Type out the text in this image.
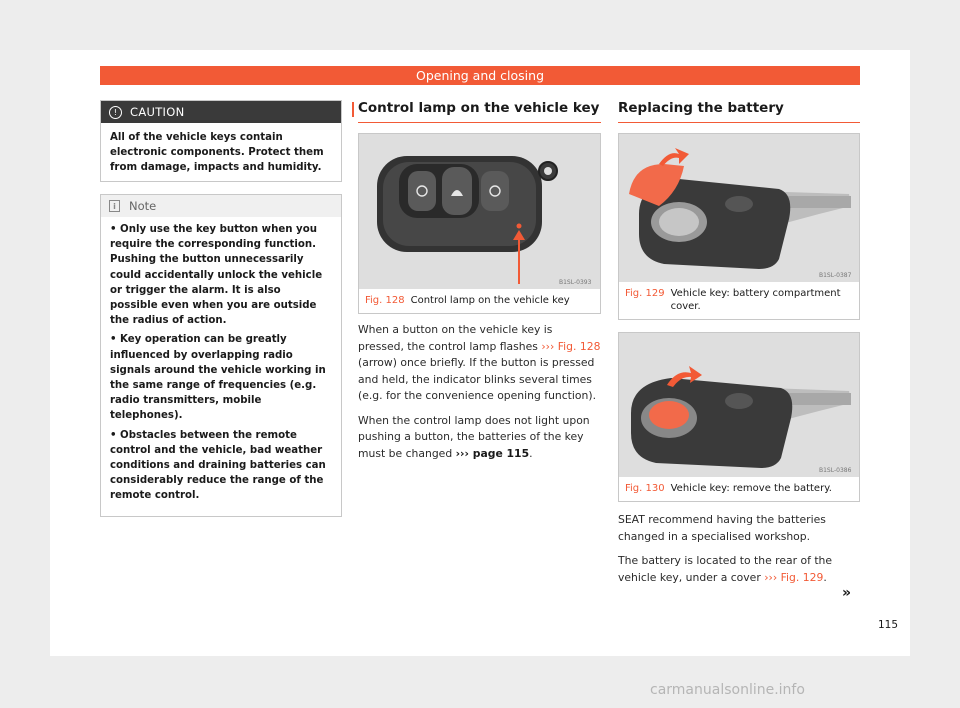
Opening and closing
!	CAUTION
All of the vehicle keys contain electronic components. Protect them from damage, impacts and humidity.
i	Note

• Only use the key button when you require the corresponding function. Pushing the button unnecessarily could accidentally unlock the vehicle or trigger the alarm. It is also possible even when you are outside the radius of action.

• Key operation can be greatly influenced by overlapping radio signals around the vehicle working in the same range of frequencies (e.g. radio transmitters, mobile telephones).

• Obstacles between the remote control and the vehicle, bad weather conditions and draining batteries can considerably reduce the range of the remote control.

Control lamp on the vehicle key
B1SL-0393
Fig. 128 Control lamp on the vehicle key

When a button on the vehicle key is pressed, the control lamp flashes ››› Fig. 128 (arrow) once briefly. If the button is pressed and held, the indicator blinks several times (e.g. for the convenience opening function).

When the control lamp does not light upon pushing a button, the batteries of the key must be changed ››› page 115.

Replacing the battery
B1SL-0387
Fig. 129 Vehicle key: battery compartment cover.
B1SL-0386
Fig. 130 Vehicle key: remove the battery.

SEAT recommend having the batteries changed in a specialised workshop.

The battery is located to the rear of the vehicle key, under a cover ››› Fig. 129.

»
115
carmanualsonline.info
